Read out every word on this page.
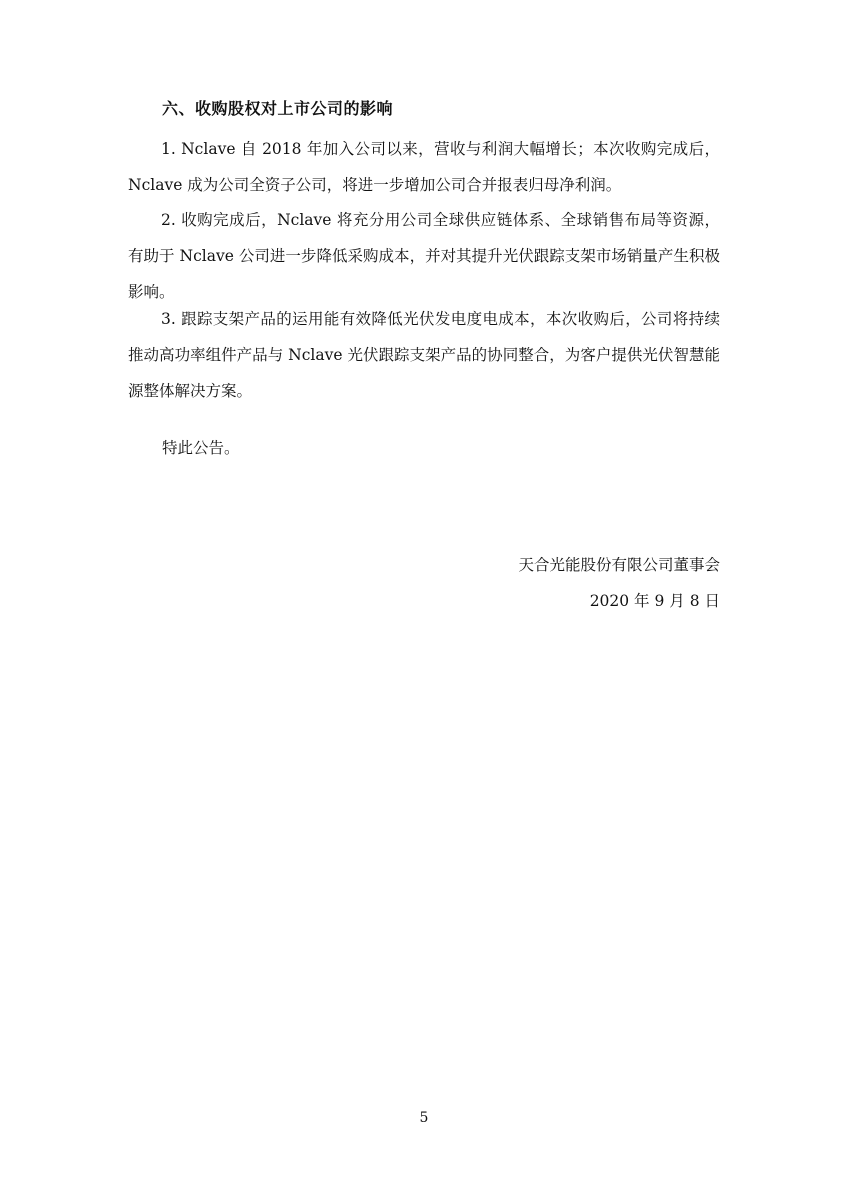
六、收购股权对上市公司的影响

1. Nclave 自 2018 年加入公司以来，营收与利润大幅增长；本次收购完成后，Nclave 成为公司全资子公司，将进一步增加公司合并报表归母净利润。

2. 收购完成后，Nclave 将充分用公司全球供应链体系、全球销售布局等资源，有助于 Nclave 公司进一步降低采购成本，并对其提升光伏跟踪支架市场销量产生积极影响。

3. 跟踪支架产品的运用能有效降低光伏发电度电成本，本次收购后，公司将持续推动高功率组件产品与 Nclave 光伏跟踪支架产品的协同整合，为客户提供光伏智慧能源整体解决方案。

特此公告。
天合光能股份有限公司董事会
2020 年 9 月 8 日
5
